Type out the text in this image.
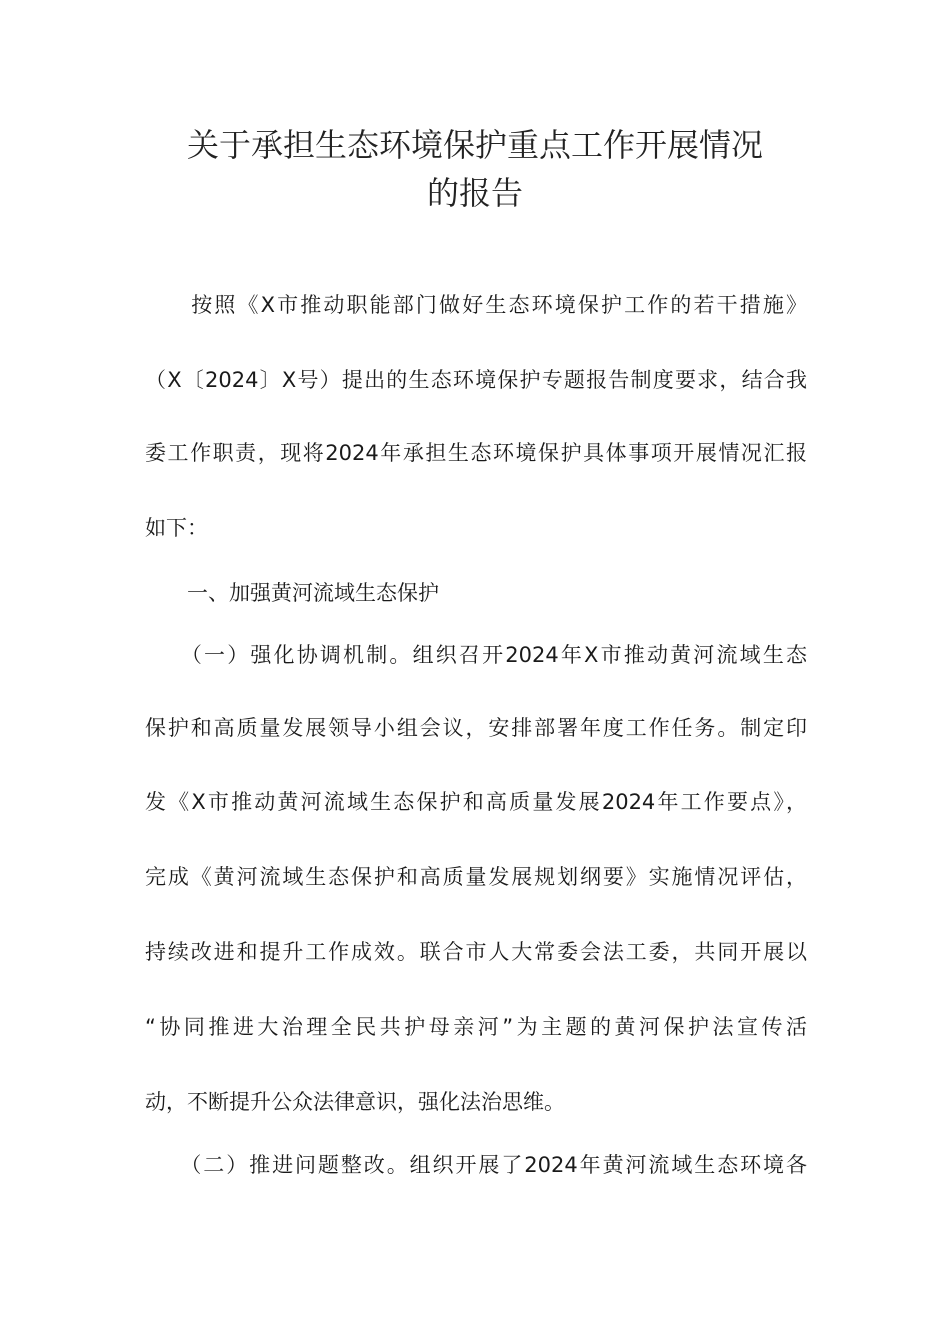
关于承担生态环境保护重点工作开展情况
的报告
　　按照《X市推动职能部门做好生态环境保护工作的若干措施》
（X〔2024〕X号）提出的生态环境保护专题报告制度要求，结合我
委工作职责，现将2024年承担生态环境保护具体事项开展情况汇报
如下：
　　一、加强黄河流域生态保护
　　（一）强化协调机制。组织召开2024年X市推动黄河流域生态
保护和高质量发展领导小组会议，安排部署年度工作任务。制定印
发《X市推动黄河流域生态保护和高质量发展2024年工作要点》，
完成《黄河流域生态保护和高质量发展规划纲要》实施情况评估，
持续改进和提升工作成效。联合市人大常委会法工委，共同开展以
“协同推进大治理全民共护母亲河”为主题的黄河保护法宣传活
动，不断提升公众法律意识，强化法治思维。
　　（二）推进问题整改。组织开展了2024年黄河流域生态环境各
